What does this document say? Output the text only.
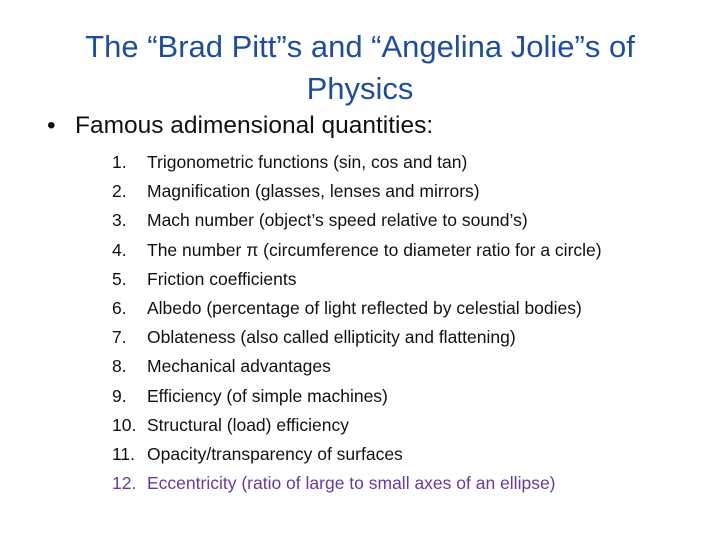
The “Brad Pitt”s and “Angelina Jolie”s of
Physics
• Famous adimensional quantities:
1.	Trigonometric functions (sin, cos and tan)
2.	Magnification (glasses, lenses and mirrors)
3.	Mach number (object’s speed relative to sound’s)
4.	The number π (circumference to diameter ratio for a circle)
5.	Friction coefficients
6.	Albedo (percentage of light reflected by celestial bodies)
7.	Oblateness (also called ellipticity and flattening)
8.	Mechanical advantages
9.	Efficiency (of simple machines)
10. Structural (load) efficiency
11. Opacity/transparency of surfaces
12. Eccentricity (ratio of large to small axes of an ellipse)
